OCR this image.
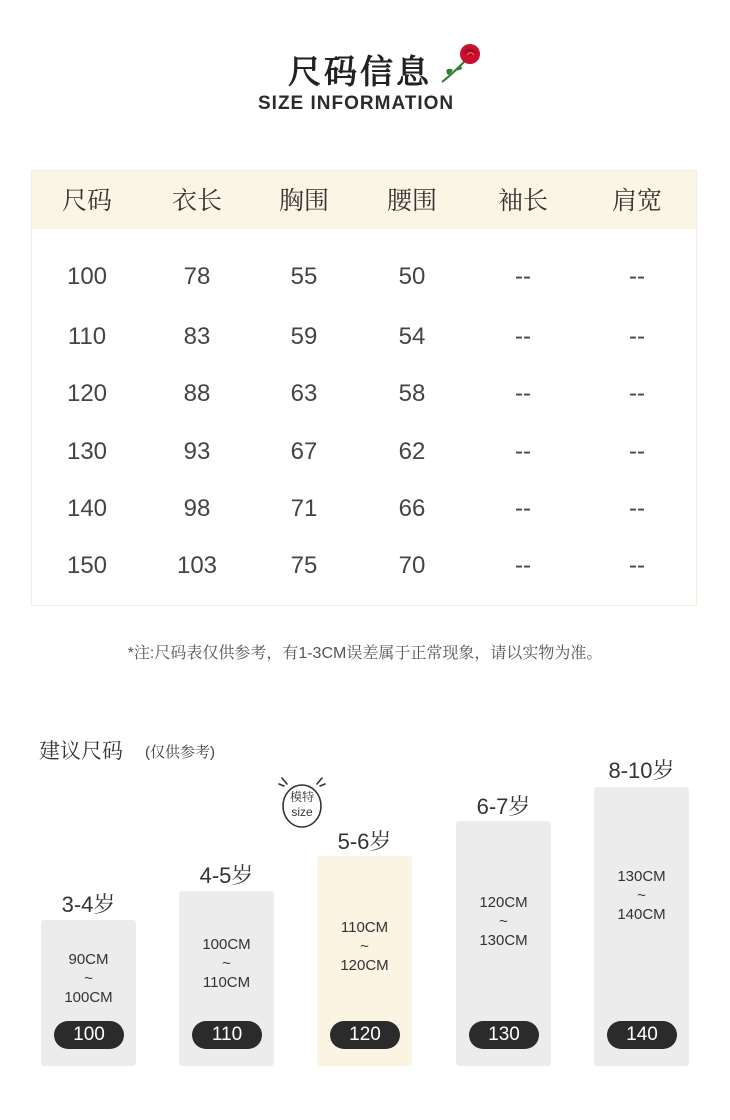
尺码信息
SIZE INFORMATION
尺码	衣长	胸围	腰围	袖长	肩宽
100	78	55	50	--	--
110	83	59	54	--	--
120	88	63	58	--	--
130	93	67	62	--	--
140	98	71	66	--	--
150	103	75	70	--	--
*注:尺码表仅供参考，有1-3CM误差属于正常现象，请以实物为准。
建议尺码 (仅供参考)
模特
size
3-4岁
90CM
~
100CM
100
4-5岁
100CM
~
110CM
110
5-6岁
110CM
~
120CM
120
6-7岁
120CM
~
130CM
130
8-10岁
130CM
~
140CM
140
